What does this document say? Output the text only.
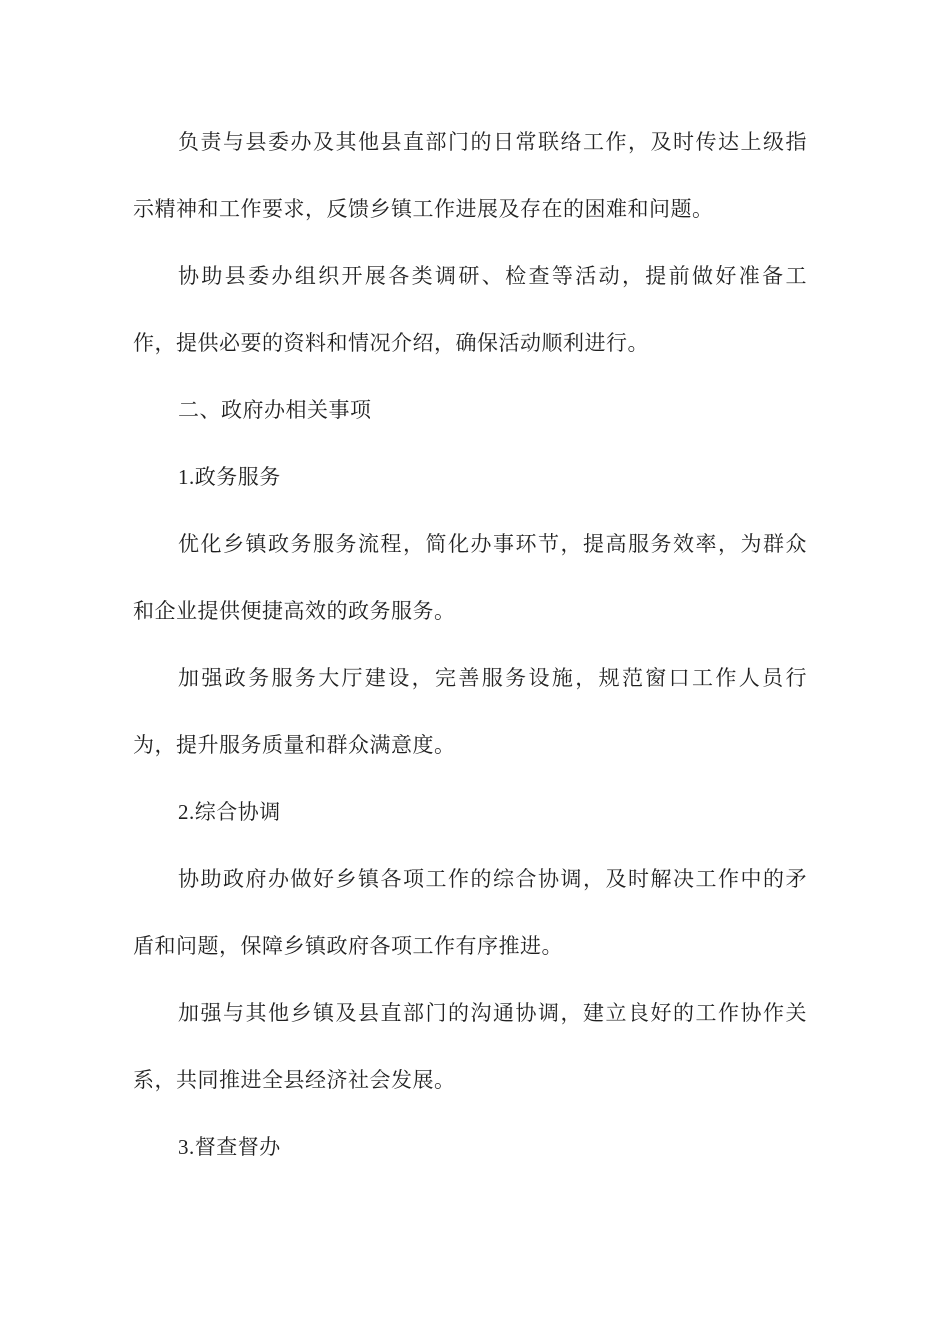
负责与县委办及其他县直部门的日常联络工作，及时传达上级指
示精神和工作要求，反馈乡镇工作进展及存在的困难和问题。
协助县委办组织开展各类调研、检查等活动，提前做好准备工
作，提供必要的资料和情况介绍，确保活动顺利进行。
二、政府办相关事项
1.政务服务
优化乡镇政务服务流程，简化办事环节，提高服务效率，为群众
和企业提供便捷高效的政务服务。
加强政务服务大厅建设，完善服务设施，规范窗口工作人员行
为，提升服务质量和群众满意度。
2.综合协调
协助政府办做好乡镇各项工作的综合协调，及时解决工作中的矛
盾和问题，保障乡镇政府各项工作有序推进。
加强与其他乡镇及县直部门的沟通协调，建立良好的工作协作关
系，共同推进全县经济社会发展。
3.督查督办
